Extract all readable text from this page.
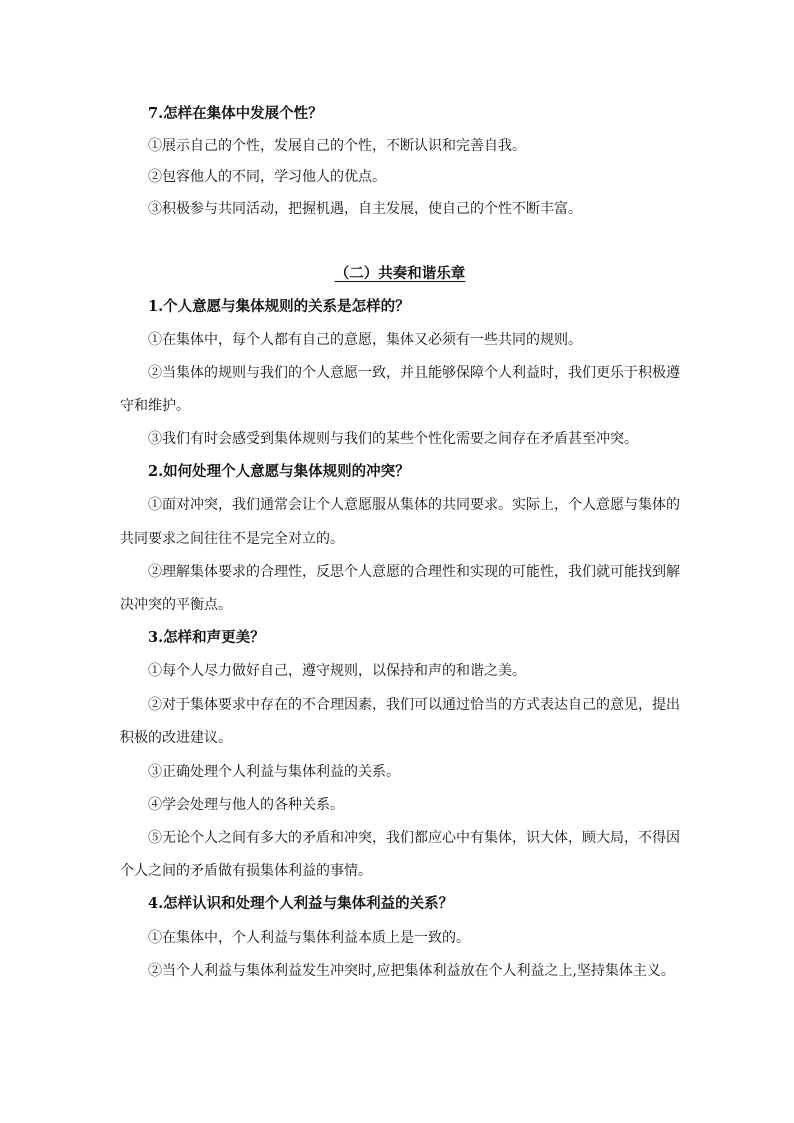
7.怎样在集体中发展个性？
①展示自己的个性，发展自己的个性，不断认识和完善自我。
②包容他人的不同，学习他人的优点。
③积极参与共同活动，把握机遇，自主发展，使自己的个性不断丰富。
（二）共奏和谐乐章
1.个人意愿与集体规则的关系是怎样的？
①在集体中，每个人都有自己的意愿，集体又必须有一些共同的规则。
②当集体的规则与我们的个人意愿一致，并且能够保障个人利益时，我们更乐于积极遵
守和维护。
③我们有时会感受到集体规则与我们的某些个性化需要之间存在矛盾甚至冲突。
2.如何处理个人意愿与集体规则的冲突？
①面对冲突，我们通常会让个人意愿服从集体的共同要求。实际上，个人意愿与集体的
共同要求之间往往不是完全对立的。
②理解集体要求的合理性，反思个人意愿的合理性和实现的可能性，我们就可能找到解
决冲突的平衡点。
3.怎样和声更美？
①每个人尽力做好自己，遵守规则，以保持和声的和谐之美。
②对于集体要求中存在的不合理因素，我们可以通过恰当的方式表达自己的意见，提出
积极的改进建议。
③正确处理个人利益与集体利益的关系。
④学会处理与他人的各种关系。
⑤无论个人之间有多大的矛盾和冲突，我们都应心中有集体，识大体，顾大局，不得因
个人之间的矛盾做有损集体利益的事情。
4.怎样认识和处理个人利益与集体利益的关系？
①在集体中，个人利益与集体利益本质上是一致的。
②当个人利益与集体利益发生冲突时,应把集体利益放在个人利益之上,坚持集体主义。
